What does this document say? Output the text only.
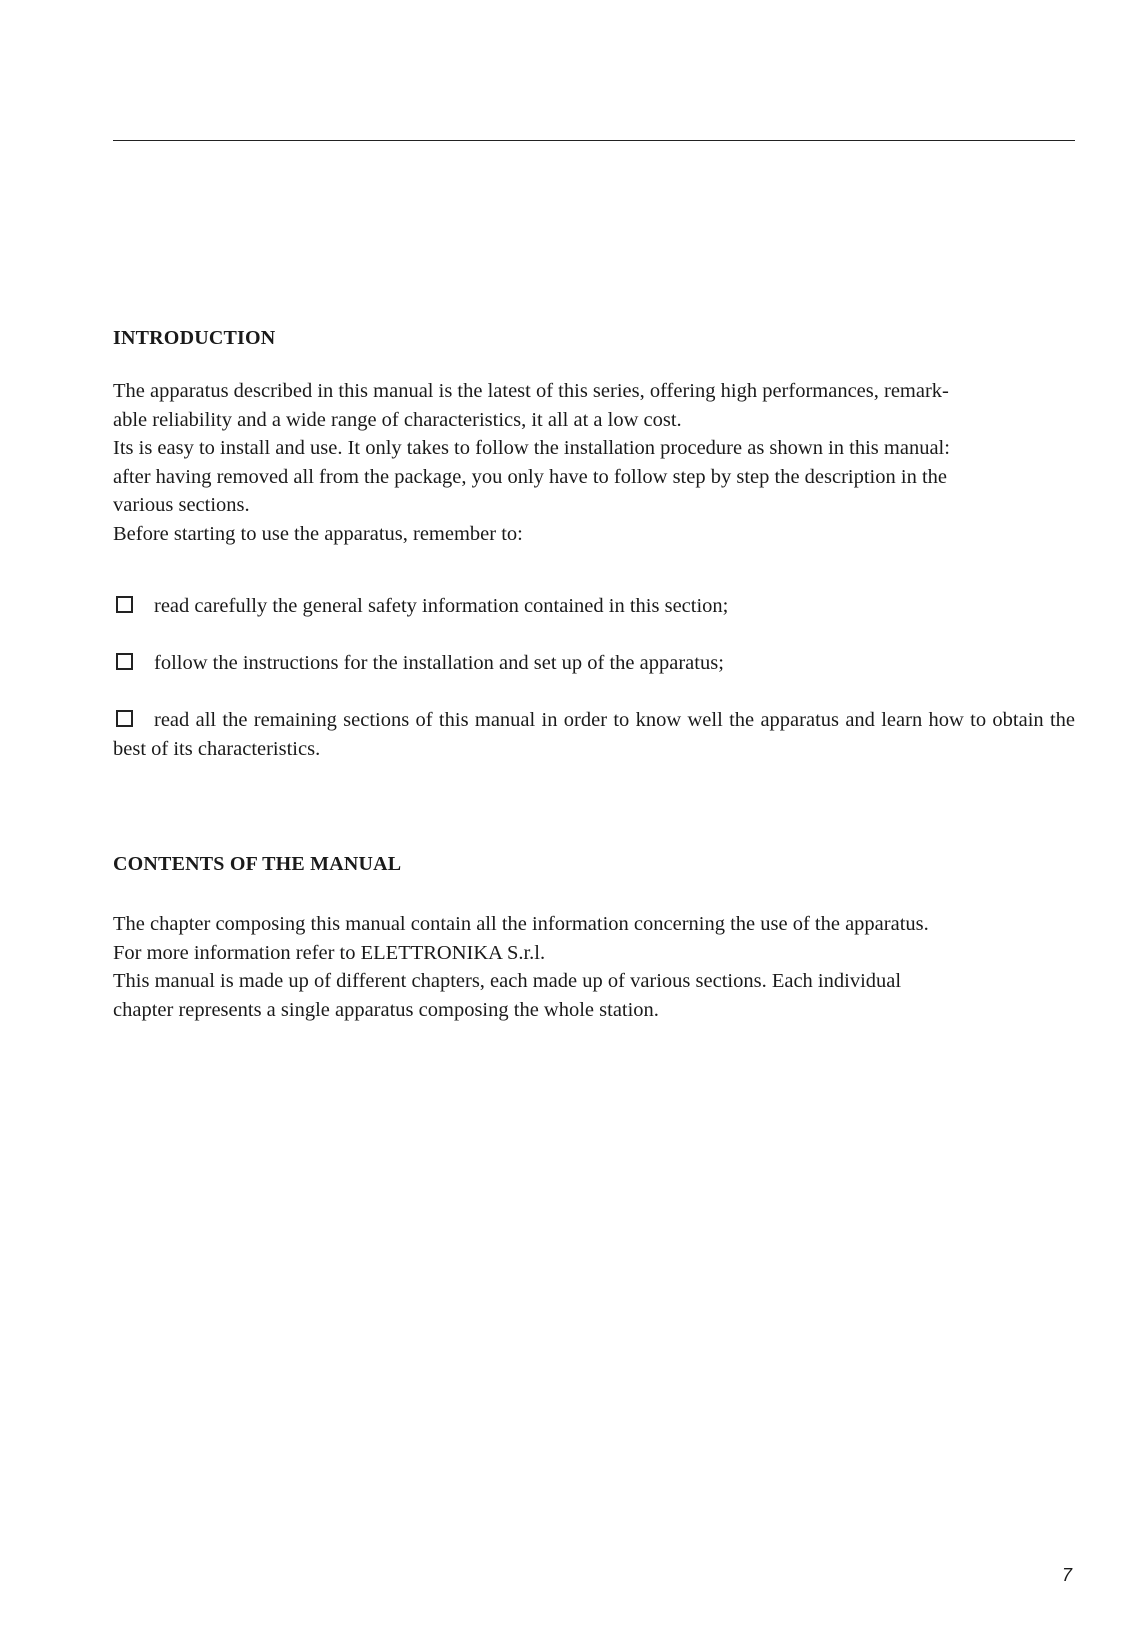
INTRODUCTION
The apparatus described in this manual is the latest of this series, offering high performances, remark-
able reliability and a wide range of characteristics, it all at a low cost.
Its is easy to install and use. It only takes to follow the installation procedure as shown in this manual:
after having removed all from the package, you only have to follow step by step the description in the
various sections.
Before starting to use the apparatus, remember to:
read carefully the general safety information contained in this section;
follow the instructions for the installation and set up of the apparatus;
read all the remaining sections of this manual in order to know well the apparatus and learn how to obtain the best of its characteristics.
CONTENTS OF THE MANUAL
The chapter composing this manual contain all the information concerning the use of the apparatus.
For more information refer to ELETTRONIKA S.r.l.
This manual is made up of different chapters, each made up of various sections. Each individual
chapter represents a single apparatus composing the whole station.
7
